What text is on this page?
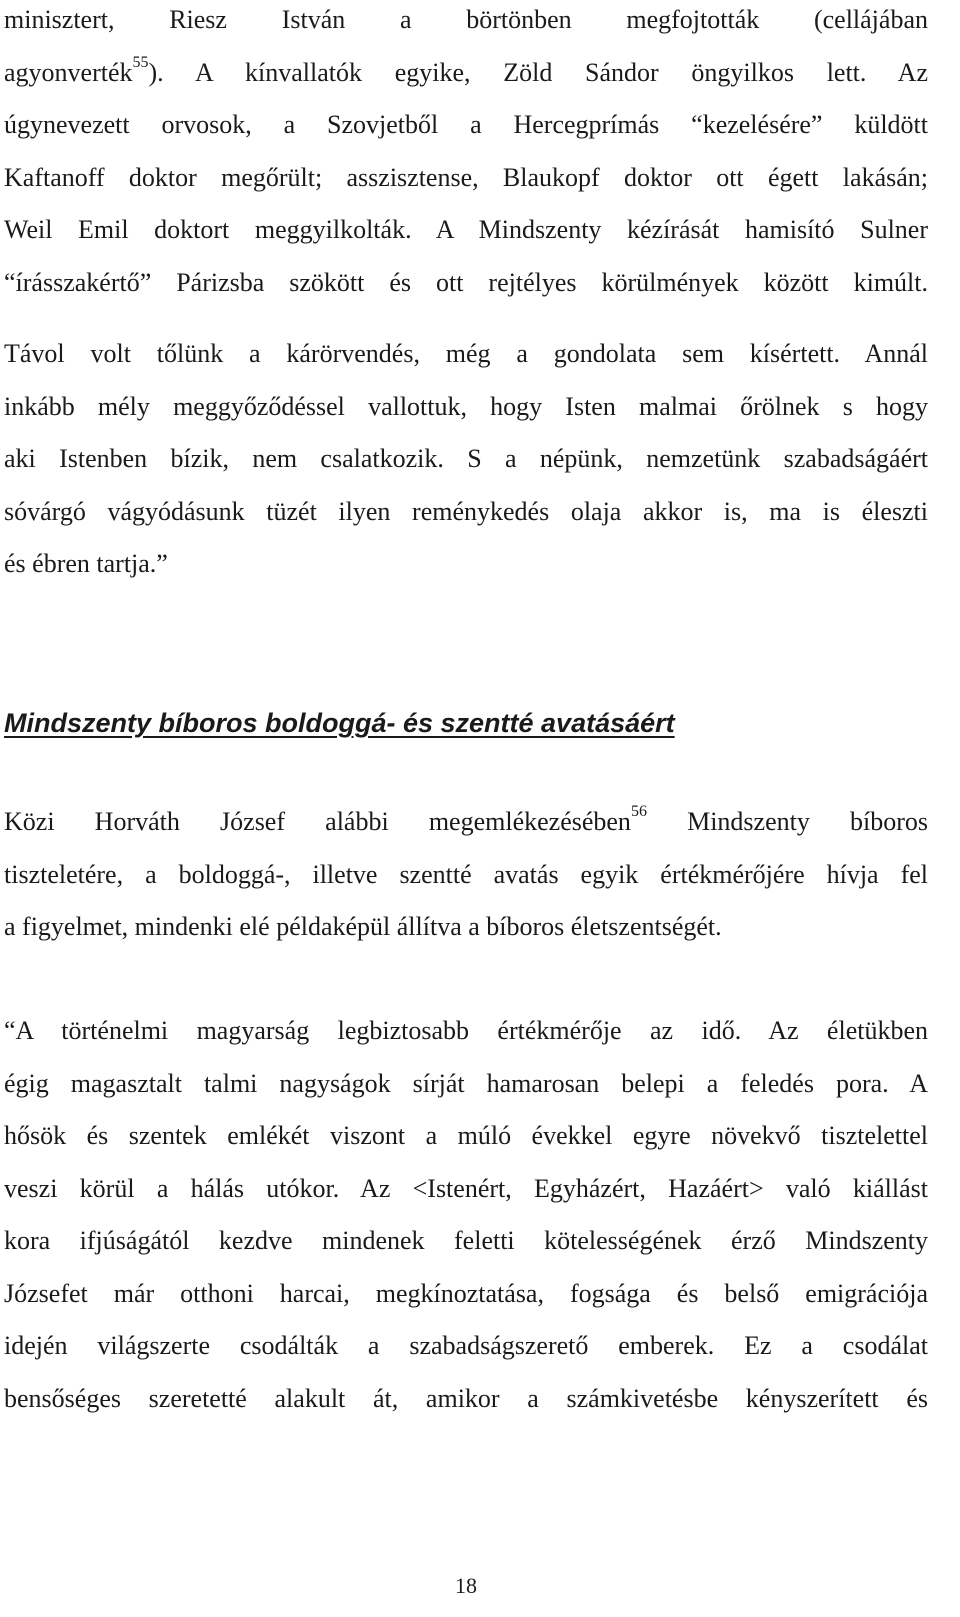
minisztert, Riesz István a börtönben megfojtották (cellájában
agyonverték$^{55}$). A kínvallatók egyike, Zöld Sándor öngyilkos lett. Az
úgynevezett orvosok, a Szovjetből a Hercegprímás “kezelésére” küldött
Kaftanoff doktor megőrült; asszisztense, Blaukopf doktor ott égett lakásán;
Weil Emil doktort meggyilkolták. A Mindszenty kézírását hamisító Sulner
“írásszakértő” Párizsba szökött és ott rejtélyes körülmények között kimúlt.

Távol volt tőlünk a kárörvendés, még a gondolata sem kísértett. Annál
inkább mély meggyőződéssel vallottuk, hogy Isten malmai őrölnek s hogy
aki Istenben bízik, nem csalatkozik. S a népünk, nemzetünk szabadságáért
sóvárgó vágyódásunk tüzét ilyen reménykedés olaja akkor is, ma is éleszti
és ébren tartja.”

Mindszenty bíboros boldoggá- és szentté avatásáért

Közi Horváth József alábbi megemlékezésében$^{56}$ Mindszenty bíboros
tiszteletére, a boldoggá-, illetve szentté avatás egyik értékmérőjére hívja fel
a figyelmet, mindenki elé példaképül állítva a bíboros életszentségét.

“A történelmi magyarság legbiztosabb értékmérője az idő. Az életükben
égig magasztalt talmi nagyságok sírját hamarosan belepi a feledés pora. A
hősök és szentek emlékét viszont a múló évekkel egyre növekvő tisztelettel
veszi körül a hálás utókor. Az <Istenért, Egyházért, Hazáért> való kiállást
kora ifjúságától kezdve mindenek feletti kötelességének érző Mindszenty
Józsefet már otthoni harcai, megkínoztatása, fogsága és belső emigrációja
idején világszerte csodálták a szabadságszerető emberek. Ez a csodálat
bensőséges szeretetté alakult át, amikor a számkivetésbe kényszerített és

18
